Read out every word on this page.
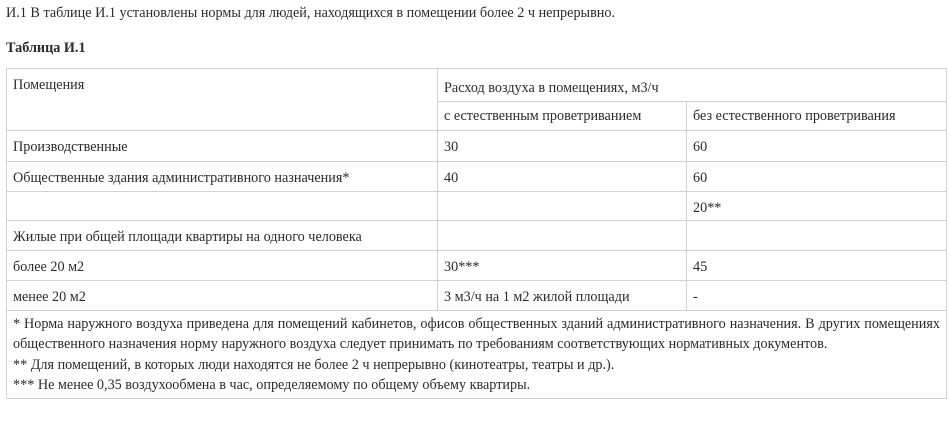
И.1 В таблице И.1 установлены нормы для людей, находящихся в помещении более 2 ч непрерывно.

Таблица И.1

Помещения	Расход воздуха в помещениях, м3/ч	
	с естественным проветриванием	без естественного проветривания
Производственные	30	60
Общественные здания административного назначения*	40	60
		20**
Жилые при общей площади квартиры на одного человека		
более 20 м2	30***	45
менее 20 м2	3 м3/ч на 1 м2 жилой площади	-

* Норма наружного воздуха приведена для помещений кабинетов, офисов общественных зданий административного назначения. В других помещениях общественного назначения норму наружного воздуха следует принимать по требованиям соответствующих нормативных документов.

** Для помещений, в которых люди находятся не более 2 ч непрерывно (кинотеатры, театры и др.).

*** Не менее 0,35 воздухообмена в час, определяемому по общему объему квартиры.		
